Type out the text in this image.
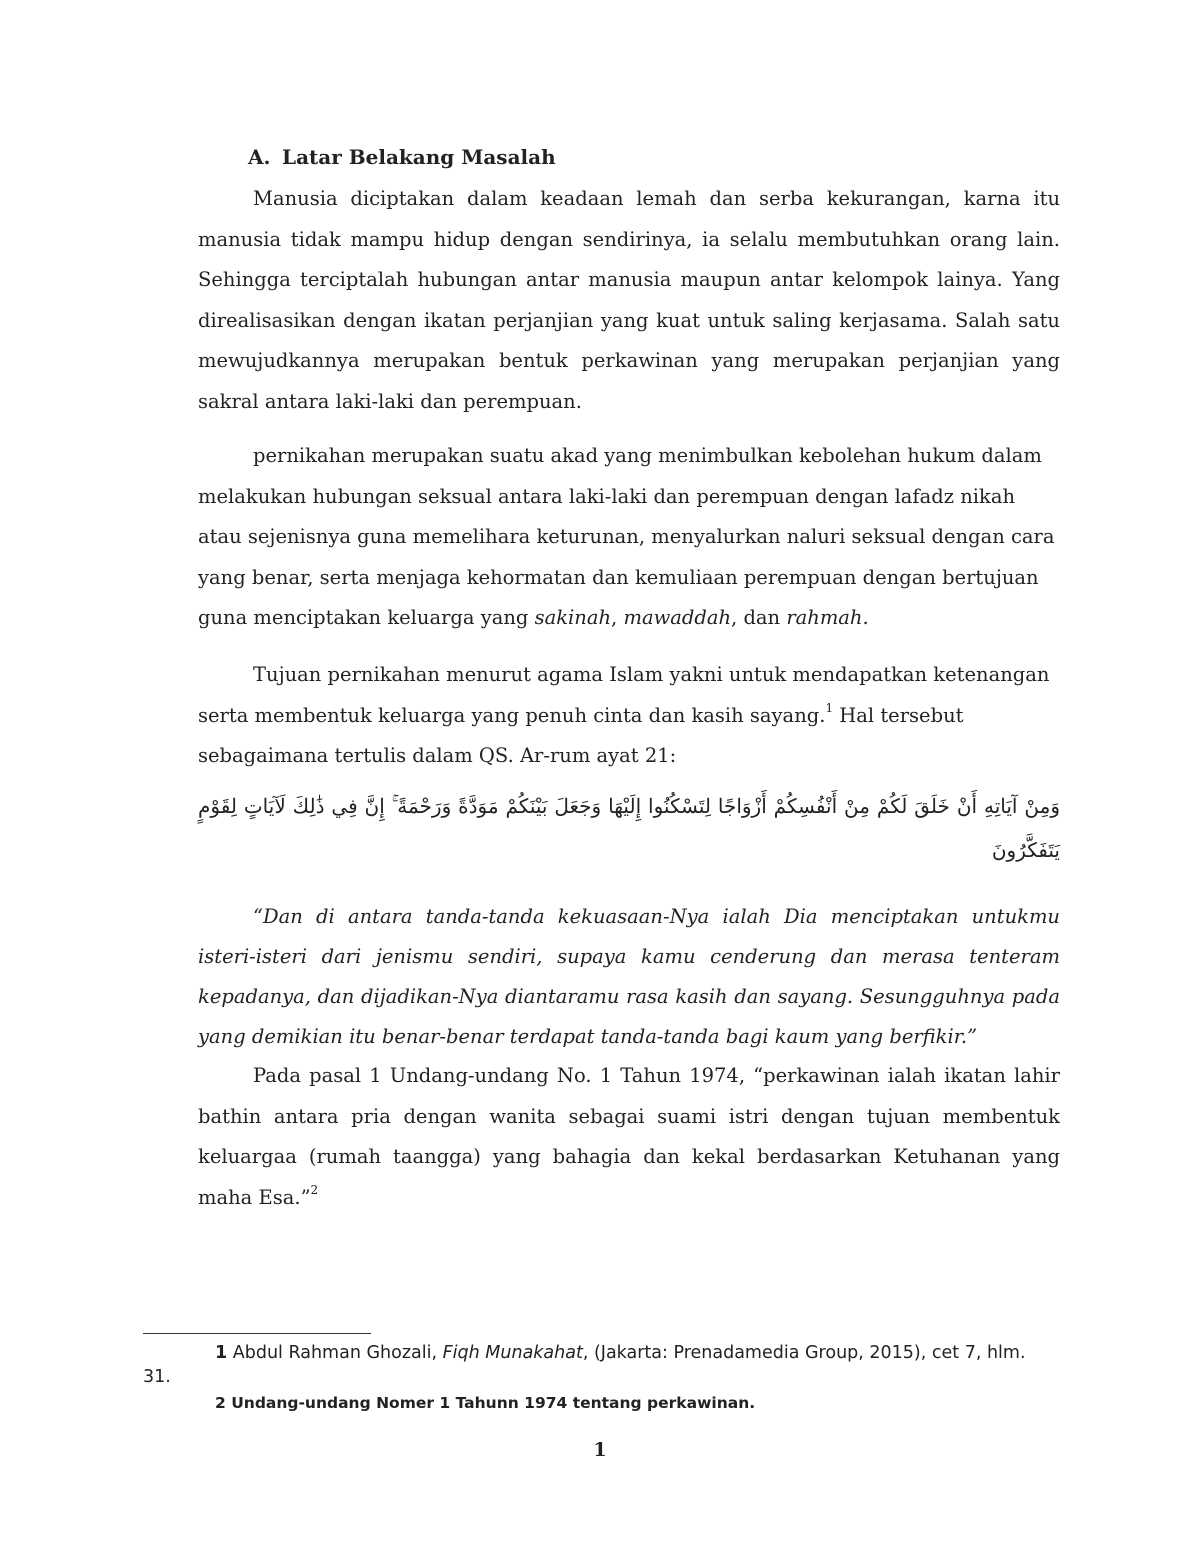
A. Latar Belakang Masalah

Manusia diciptakan dalam keadaan lemah dan serba kekurangan, karna itu manusia tidak mampu hidup dengan sendirinya, ia selalu membutuhkan orang lain. Sehingga terciptalah hubungan antar manusia maupun antar kelompok lainya. Yang direalisasikan dengan ikatan perjanjian yang kuat untuk saling kerjasama. Salah satu mewujudkannya merupakan bentuk perkawinan yang merupakan perjanjian yang sakral antara laki-laki dan perempuan.

pernikahan merupakan suatu akad yang menimbulkan kebolehan hukum dalam melakukan hubungan seksual antara laki-laki dan perempuan dengan lafadz nikah atau sejenisnya guna memelihara keturunan, menyalurkan naluri seksual dengan cara yang benar, serta menjaga kehormatan dan kemuliaan perempuan dengan bertujuan guna menciptakan keluarga yang sakinah, mawaddah, dan rahmah.

Tujuan pernikahan menurut agama Islam yakni untuk mendapatkan ketenangan serta membentuk keluarga yang penuh cinta dan kasih sayang.$^1$ Hal tersebut sebagaimana tertulis dalam QS. Ar-rum ayat 21:

وَمِنْ آيَاتِهِ أَنْ خَلَقَ لَكُمْ مِنْ أَنْفُسِكُمْ أَزْوَاجًا لِتَسْكُنُوا إِلَيْهَا وَجَعَلَ بَيْنَكُمْ مَوَدَّةً وَرَحْمَةً ۚ إِنَّ فِي ذَٰلِكَ لَآيَاتٍ لِقَوْمٍ يَتَفَكَّرُونَ

“Dan di antara tanda-tanda kekuasaan-Nya ialah Dia menciptakan untukmu isteri-isteri dari jenismu sendiri, supaya kamu cenderung dan merasa tenteram kepadanya, dan dijadikan-Nya diantaramu rasa kasih dan sayang. Sesungguhnya pada yang demikian itu benar-benar terdapat tanda-tanda bagi kaum yang berfikir.”

Pada pasal 1 Undang-undang No. 1 Tahun 1974, “perkawinan ialah ikatan lahir bathin antara pria dengan wanita sebagai suami istri dengan tujuan membentuk keluargaa (rumah taangga) yang bahagia dan kekal berdasarkan Ketuhanan yang maha Esa.”$^2$

1 Abdul Rahman Ghozali, Fiqh Munakahat, (Jakarta: Prenadamedia Group, 2015), cet 7, hlm. 31.
2 Undang-undang Nomer 1 Tahunn 1974 tentang perkawinan.
1
